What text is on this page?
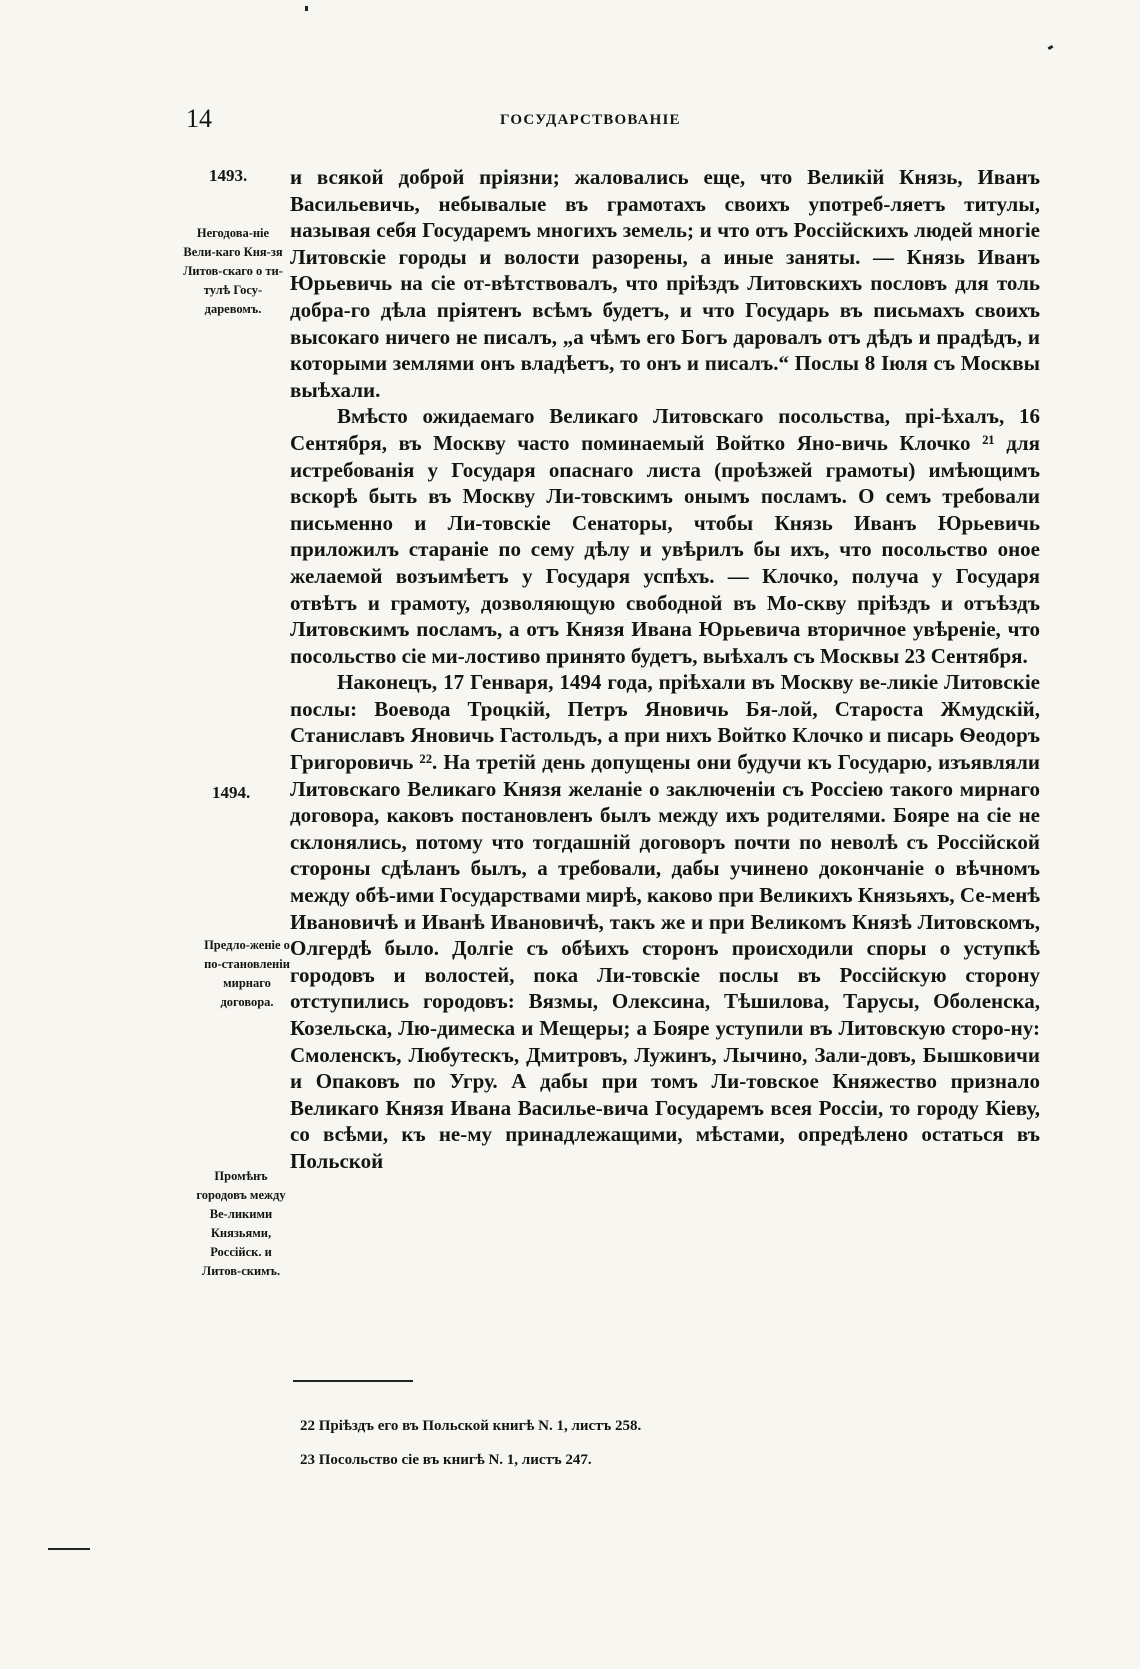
14	ГОСУДАРСТВОВАНІЕ
1493.
1494.
Негодова-ніе Вели-каго Кня-зя Литов-скаго о ти-тулѣ Госу-даревомъ.
Предло-женіе о по-становленіи мирнаго договора.
Промѣнъ городовъ между Ве-ликими Князьями, Россійск. и Литов-скимъ.

и всякой доброй пріязни; жаловались еще, что Великій Князь, Иванъ Васильевичь, небывалые въ грамотахъ своихъ употреб-ляетъ титулы, называя себя Государемъ многихъ земель; и что отъ Россійскихъ людей многіе Литовскіе городы и волости разорены, а иные заняты. — Князь Иванъ Юрьевичь на сіе от-вѣтствовалъ, что пріѣздъ Литовскихъ пословъ для толь добра-го дѣла пріятенъ всѣмъ будетъ, и что Государь въ письмахъ своихъ высокаго ничего не писалъ, „а чѣмъ его Богъ даровалъ отъ дѣдъ и прадѣдъ, и которыми землями онъ владѣетъ, то онъ и писалъ.“ Послы 8 Іюля съ Москвы выѣхали.

Вмѣсто ожидаемаго Великаго Литовскаго посольства, прі-ѣхалъ, 16 Сентября, въ Москву часто поминаемый Войтко Яно-вичь Клочко ²¹ для истребованія у Государя опаснаго листа (проѣзжей грамоты) имѣющимъ вскорѣ быть въ Москву Ли-товскимъ онымъ посламъ. О семъ требовали письменно и Ли-товскіе Сенаторы, чтобы Князь Иванъ Юрьевичь приложилъ стараніе по сему дѣлу и увѣрилъ бы ихъ, что посольство оное желаемой возъимѣетъ у Государя успѣхъ. — Клочко, получа у Государя отвѣтъ и грамоту, дозволяющую свободной въ Мо-скву пріѣздъ и отъѣздъ Литовскимъ посламъ, а отъ Князя Ивана Юрьевича вторичное увѣреніе, что посольство сіе ми-лостиво принято будетъ, выѣхалъ съ Москвы 23 Сентября.

Наконецъ, 17 Генваря, 1494 года, пріѣхали въ Москву ве-ликіе Литовскіе послы: Воевода Троцкій, Петръ Яновичь Бя-лой, Староста Жмудскій, Станиславъ Яновичь Гастольдъ, а при нихъ Войтко Клочко и писарь Ѳеодоръ Григоровичь ²². На третій день допущены они будучи къ Государю, изъявляли Литовскаго Великаго Князя желаніе о заключеніи съ Россіею такого мирнаго договора, каковъ постановленъ былъ между ихъ родителями. Бояре на сіе не склонялись, потому что тогдашній договоръ почти по неволѣ съ Россійской стороны сдѣланъ былъ, а требовали, дабы учинено докончаніе о вѣчномъ между обѣ-ими Государствами мирѣ, каково при Великихъ Князьяхъ, Се-менѣ Ивановичѣ и Иванѣ Ивановичѣ, такъ же и при Великомъ Князѣ Литовскомъ, Олгердѣ было. Долгіе съ обѣихъ сторонъ происходили споры о уступкѣ городовъ и волостей, пока Ли-товскіе послы въ Россійскую сторону отступились городовъ: Вязмы, Олексина, Тѣшилова, Тарусы, Оболенска, Козельска, Лю-димеска и Мещеры; а Бояре уступили въ Литовскую сторо-ну: Смоленскъ, Любутескъ, Дмитровъ, Лужинъ, Лычино, Зали-довъ, Бышковичи и Опаковъ по Угру. А дабы при томъ Ли-товское Княжество признало Великаго Князя Ивана Василье-вича Государемъ всея Россіи, то городу Кіеву, со всѣми, къ не-му принадлежащими, мѣстами, опредѣлено остаться въ Польской

22 Пріѣздъ его въ Польской книгѣ N. 1, листъ 258.
23 Посольство сіе въ книгѣ N. 1, листъ 247.
